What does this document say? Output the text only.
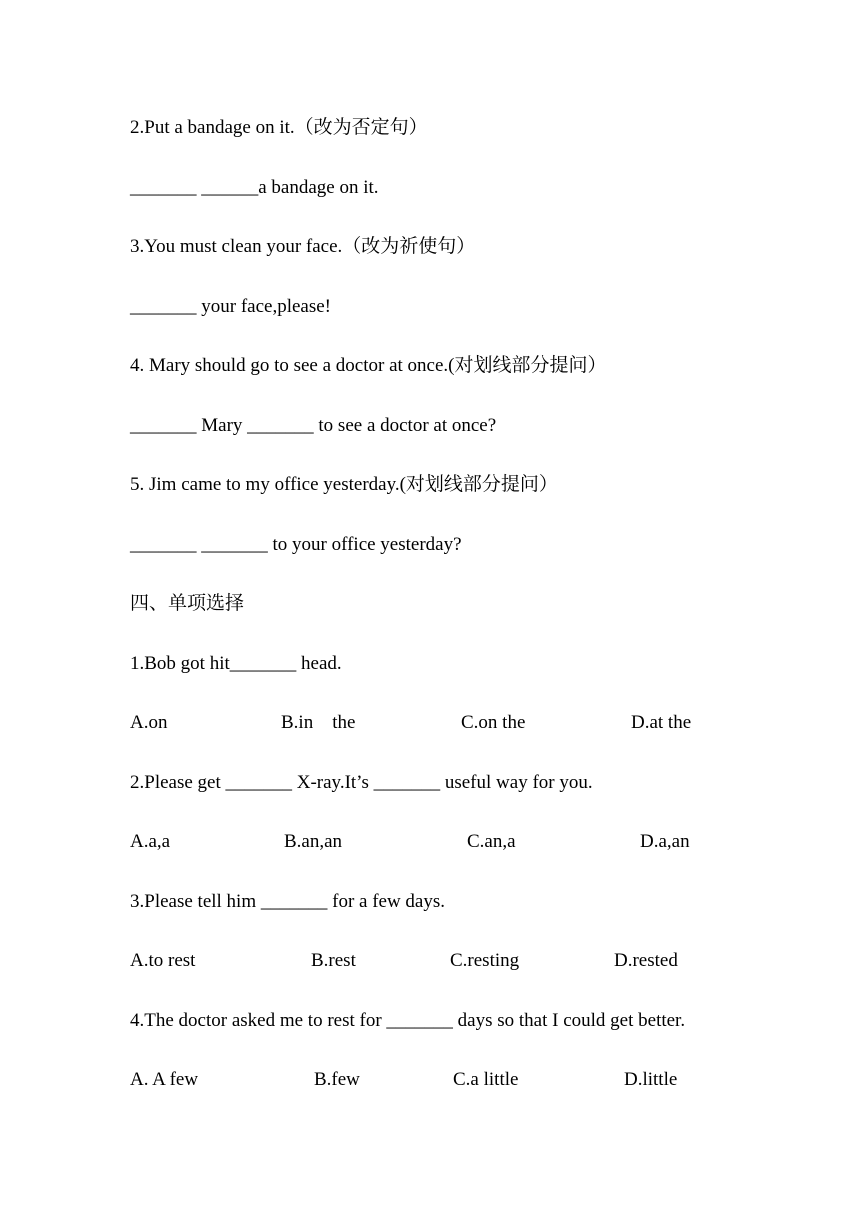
2.Put a bandage on it.（改为否定句）
_______ ______a bandage on it.
3.You must clean your face.（改为祈使句）
_______ your face,please!
4. Mary should go to see a doctor at once.(对划线部分提问）
_______ Mary _______ to see a doctor at once?
5. Jim came to my office yesterday.(对划线部分提问）
_______ _______ to your office yesterday?
四、单项选择
1.Bob got hit_______ head.
A.on	B.in    the	C.on the	D.at the
2.Please get _______ X-ray.It’s _______ useful way for you.
A.a,a	B.an,an	C.an,a	D.a,an
3.Please tell him _______ for a few days.
A.to rest	B.rest	C.resting	D.rested
4.The doctor asked me to rest for _______ days so that I could get better.
A. A few	B.few	C.a little	D.little
